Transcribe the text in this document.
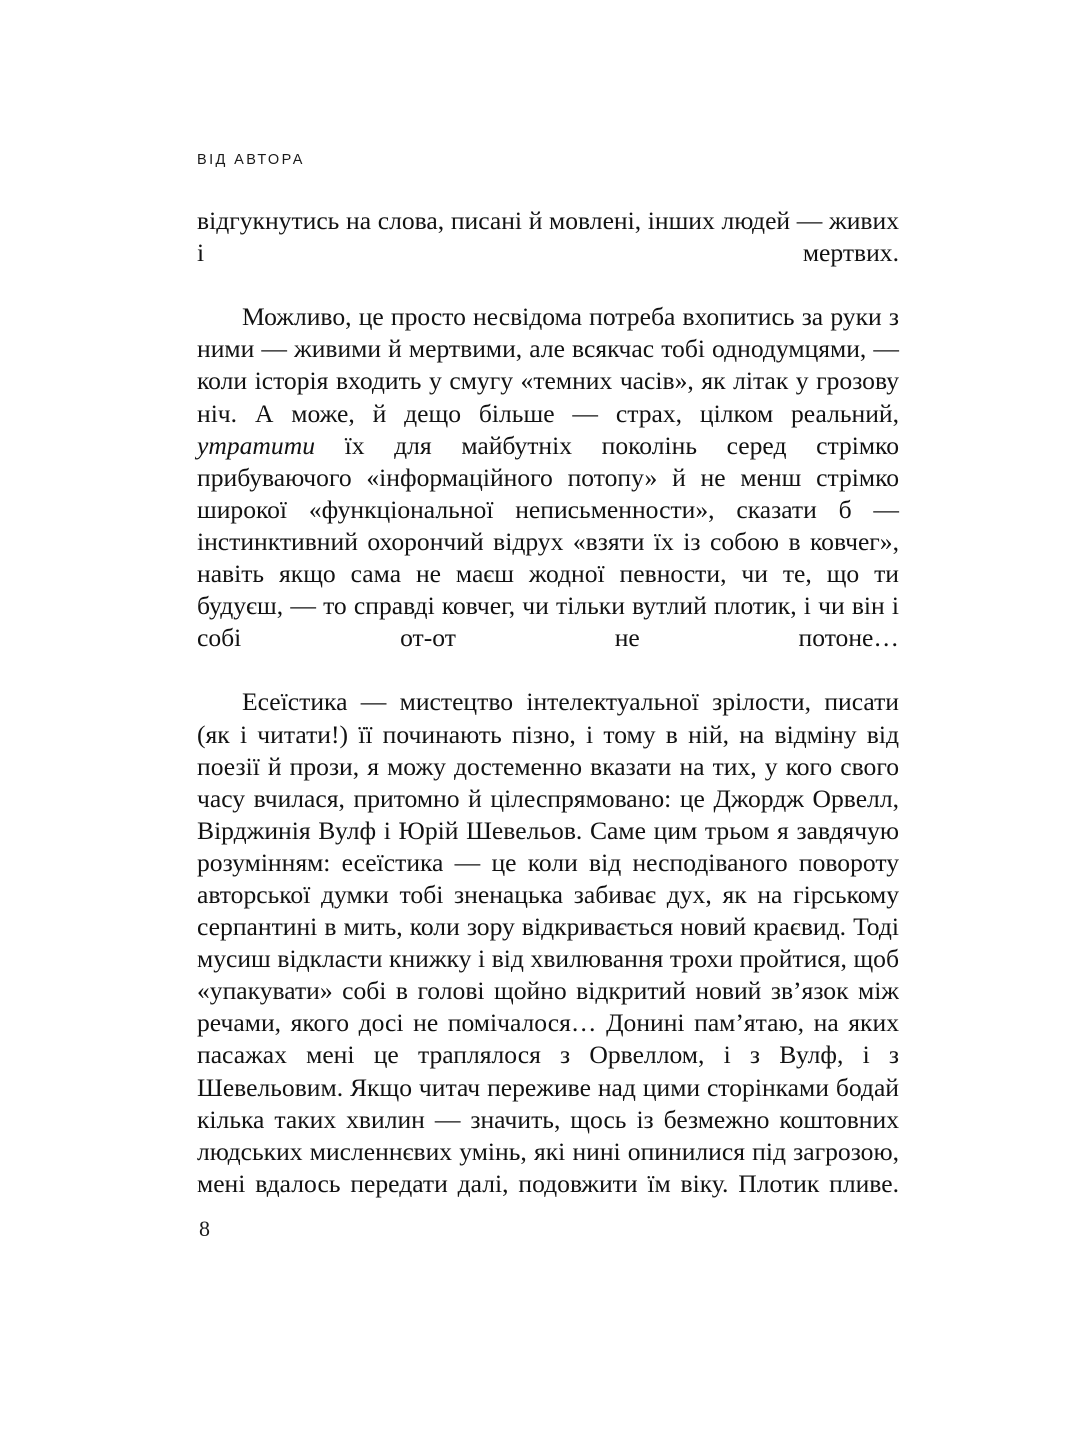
ВІД АВТОРА

відгукнутись на слова, писані й мовлені, інших людей — живих і мертвих.

Можливо, це просто несвідома потреба вхопитись за руки з ними — живими й мертвими, але всякчас тобі однодумцями, — коли історія входить у смугу «темних часів», як літак у грозову ніч. А може, й дещо більше — страх, цілком реальний, утратити їх для майбутніх поколінь серед стрімко прибуваючого «інформаційного потопу» й не менш стрімко широкої «функціональної неписьменности», сказати б — інстинктивний охорончий відрух «взяти їх із собою в ковчег», навіть якщо сама не маєш жодної певности, чи те, що ти будуєш, — то справді ковчег, чи тільки вутлий плотик, і чи він і собі от-от не потоне…

Есеїстика — мистецтво інтелектуальної зрілости, писати (як і читати!) її починають пізно, і тому в ній, на відміну від поезії й прози, я можу достеменно вказати на тих, у кого свого часу вчилася, притомно й цілеспрямовано: це Джордж Орвелл, Вірджинія Вулф і Юрій Шевельов. Саме цим трьом я завдячую розумінням: есеїстика — це коли від несподіваного повороту авторської думки тобі зненацька забиває дух, як на гірському серпантині в мить, коли зору відкривається новий краєвид. Тоді мусиш відкласти книжку і від хвилювання трохи пройтися, щоб «упакувати» собі в голові щойно відкритий новий зв’язок між речами, якого досі не помічалося… Донині пам’ятаю, на яких пасажах мені це траплялося з Орвеллом, і з Вулф, і з Шевельовим. Якщо читач переживе над цими сторінками бодай кілька таких хвилин — значить, щось із безмежно коштовних людських мисленнєвих умінь, які нині опинилися під загрозою, мені вдалось передати далі, подовжити їм віку. Плотик пливе.

8
